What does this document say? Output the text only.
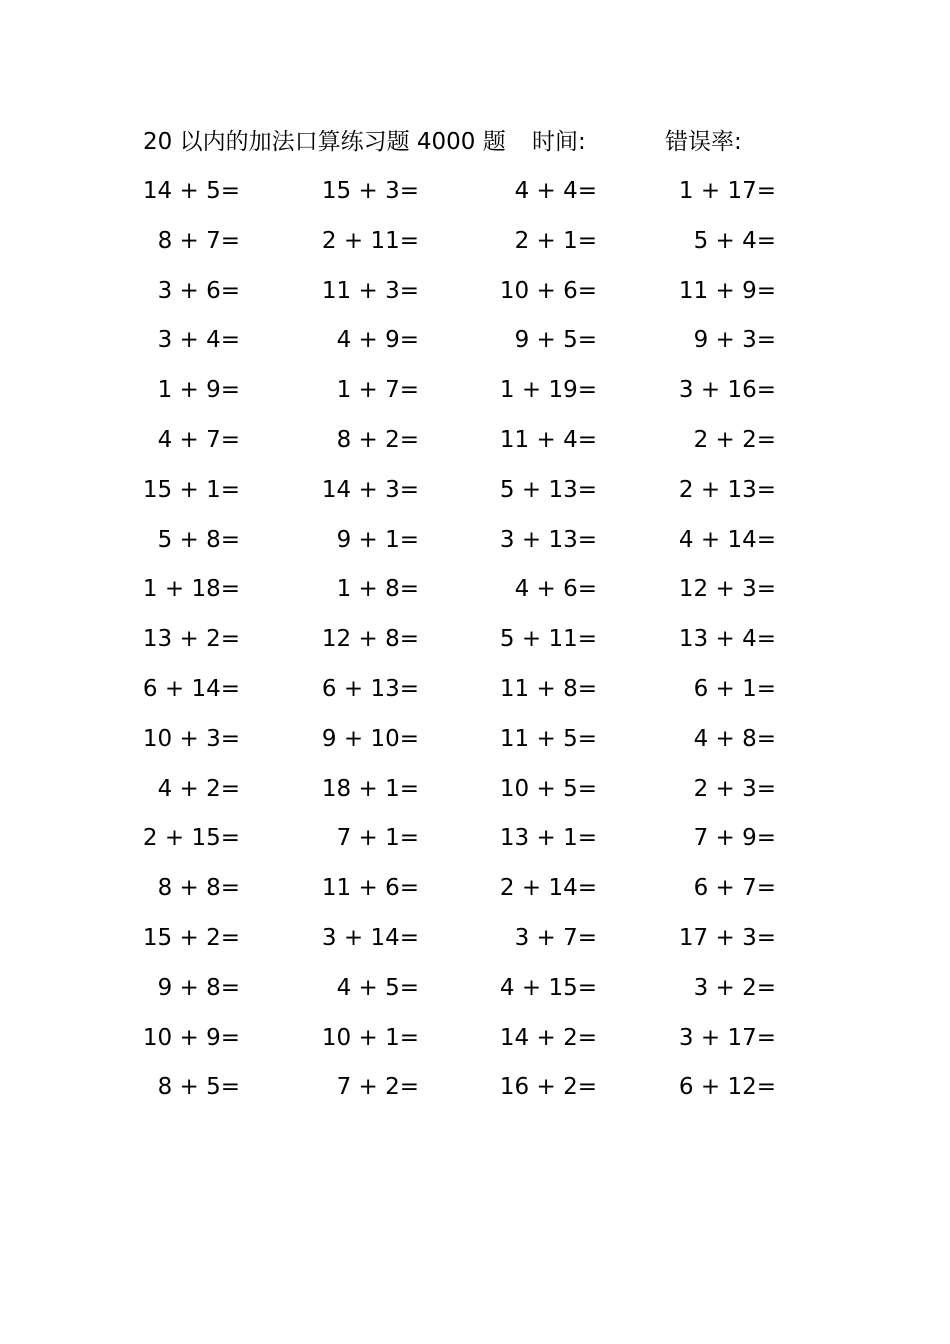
20 以内的加法口算练习题 4000 题 时间:	错误率:
14 + 5=	15 + 3=	4 + 4=	1 + 17=
8 + 7=	2 + 11=	2 + 1=	5 + 4=
3 + 6=	11 + 3=	10 + 6=	11 + 9=
3 + 4=	4 + 9=	9 + 5=	9 + 3=
1 + 9=	1 + 7=	1 + 19=	3 + 16=
4 + 7=	8 + 2=	11 + 4=	2 + 2=
15 + 1=	14 + 3=	5 + 13=	2 + 13=
5 + 8=	9 + 1=	3 + 13=	4 + 14=
1 + 18=	1 + 8=	4 + 6=	12 + 3=
13 + 2=	12 + 8=	5 + 11=	13 + 4=
6 + 14=	6 + 13=	11 + 8=	6 + 1=
10 + 3=	9 + 10=	11 + 5=	4 + 8=
4 + 2=	18 + 1=	10 + 5=	2 + 3=
2 + 15=	7 + 1=	13 + 1=	7 + 9=
8 + 8=	11 + 6=	2 + 14=	6 + 7=
15 + 2=	3 + 14=	3 + 7=	17 + 3=
9 + 8=	4 + 5=	4 + 15=	3 + 2=
10 + 9=	10 + 1=	14 + 2=	3 + 17=
8 + 5=	7 + 2=	16 + 2=	6 + 12=
